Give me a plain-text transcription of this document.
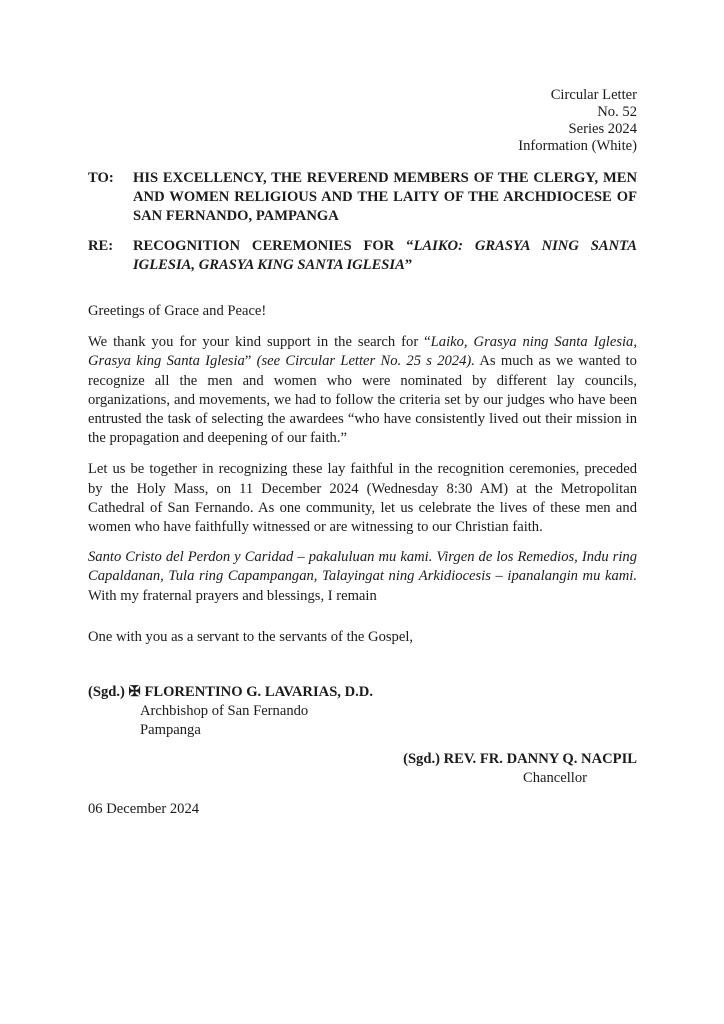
Circular Letter
No. 52
Series 2024
Information (White)
TO: HIS EXCELLENCY, THE REVEREND MEMBERS OF THE CLERGY, MEN AND WOMEN RELIGIOUS AND THE LAITY OF THE ARCHDIOCESE OF SAN FERNANDO, PAMPANGA
RE: RECOGNITION CEREMONIES FOR “LAIKO: GRASYA NING SANTA IGLESIA, GRASYA KING SANTA IGLESIA”
Greetings of Grace and Peace!
We thank you for your kind support in the search for “Laiko, Grasya ning Santa Iglesia, Grasya king Santa Iglesia” (see Circular Letter No. 25 s 2024). As much as we wanted to recognize all the men and women who were nominated by different lay councils, organizations, and movements, we had to follow the criteria set by our judges who have been entrusted the task of selecting the awardees “who have consistently lived out their mission in the propagation and deepening of our faith.”
Let us be together in recognizing these lay faithful in the recognition ceremonies, preceded by the Holy Mass, on 11 December 2024 (Wednesday 8:30 AM) at the Metropolitan Cathedral of San Fernando. As one community, let us celebrate the lives of these men and women who have faithfully witnessed or are witnessing to our Christian faith.
Santo Cristo del Perdon y Caridad – pakaluluan mu kami. Virgen de los Remedios, Indu ring Capaldanan, Tula ring Capampangan, Talayingat ning Arkidiocesis – ipanalangin mu kami. With my fraternal prayers and blessings, I remain
One with you as a servant to the servants of the Gospel,
(Sgd.) ✠ FLORENTINO G. LAVARIAS, D.D.
Archbishop of San Fernando
Pampanga
(Sgd.) REV. FR. DANNY Q. NACPIL
Chancellor
06 December 2024
